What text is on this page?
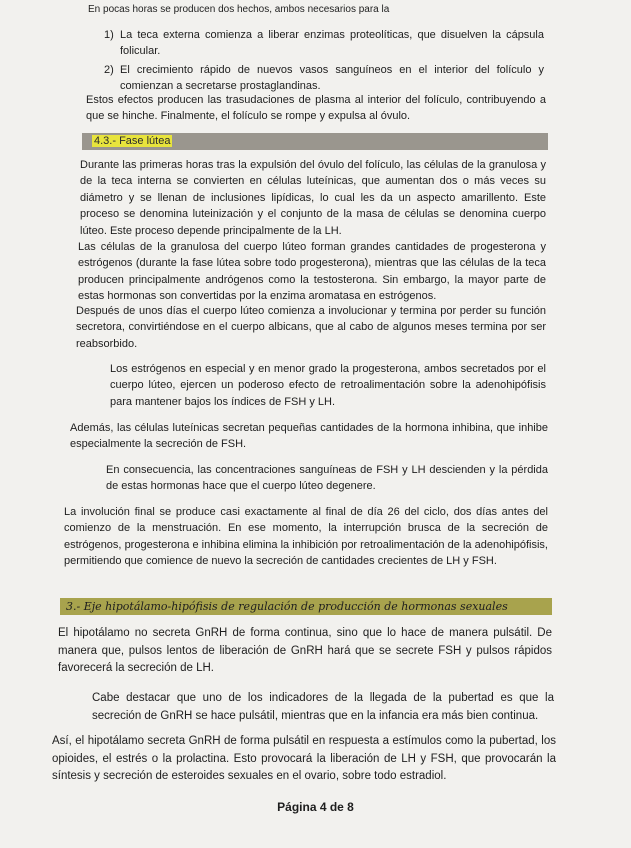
En pocas horas se producen dos hechos, ambos necesarios para la

1) La teca externa comienza a liberar enzimas proteolíticas, que disuelven la cápsula folicular.
2) El crecimiento rápido de nuevos vasos sanguíneos en el interior del folículo y comienzan a secretarse prostaglandinas.

Estos efectos producen las trasudaciones de plasma al interior del folículo, contribuyendo a que se hinche. Finalmente, el folículo se rompe y expulsa al óvulo.

4.3.- Fase lútea

Durante las primeras horas tras la expulsión del óvulo del folículo, las células de la granulosa y de la teca interna se convierten en células luteínicas, que aumentan dos o más veces su diámetro y se llenan de inclusiones lipídicas, lo cual les da un aspecto amarillento. Este proceso se denomina luteinización y el conjunto de la masa de células se denomina cuerpo lúteo. Este proceso depende principalmente de la LH.

Las células de la granulosa del cuerpo lúteo forman grandes cantidades de progesterona y estrógenos (durante la fase lútea sobre todo progesterona), mientras que las células de la teca producen principalmente andrógenos como la testosterona. Sin embargo, la mayor parte de estas hormonas son convertidas por la enzima aromatasa en estrógenos.

Después de unos días el cuerpo lúteo comienza a involucionar y termina por perder su función secretora, convirtiéndose en el cuerpo albicans, que al cabo de algunos meses termina por ser reabsorbido.

Los estrógenos en especial y en menor grado la progesterona, ambos secretados por el cuerpo lúteo, ejercen un poderoso efecto de retroalimentación sobre la adenohipófisis para mantener bajos los índices de FSH y LH.

Además, las células luteínicas secretan pequeñas cantidades de la hormona inhibina, que inhibe especialmente la secreción de FSH.

En consecuencia, las concentraciones sanguíneas de FSH y LH descienden y la pérdida de estas hormonas hace que el cuerpo lúteo degenere.

La involución final se produce casi exactamente al final de día 26 del ciclo, dos días antes del comienzo de la menstruación. En ese momento, la interrupción brusca de la secreción de estrógenos, progesterona e inhibina elimina la inhibición por retroalimentación de la adenohipófisis, permitiendo que comience de nuevo la secreción de cantidades crecientes de LH y FSH.

3.- Eje hipotálamo-hipófisis de regulación de producción de hormonas sexuales

El hipotálamo no secreta GnRH de forma continua, sino que lo hace de manera pulsátil. De manera que, pulsos lentos de liberación de GnRH hará que se secrete FSH y pulsos rápidos favorecerá la secreción de LH.

Cabe destacar que uno de los indicadores de la llegada de la pubertad es que la secreción de GnRH se hace pulsátil, mientras que en la infancia era más bien continua.

Así, el hipotálamo secreta GnRH de forma pulsátil en respuesta a estímulos como la pubertad, los opioides, el estrés o la prolactina. Esto provocará la liberación de LH y FSH, que provocarán la síntesis y secreción de esteroides sexuales en el ovario, sobre todo estradiol.

Página 4 de 8
